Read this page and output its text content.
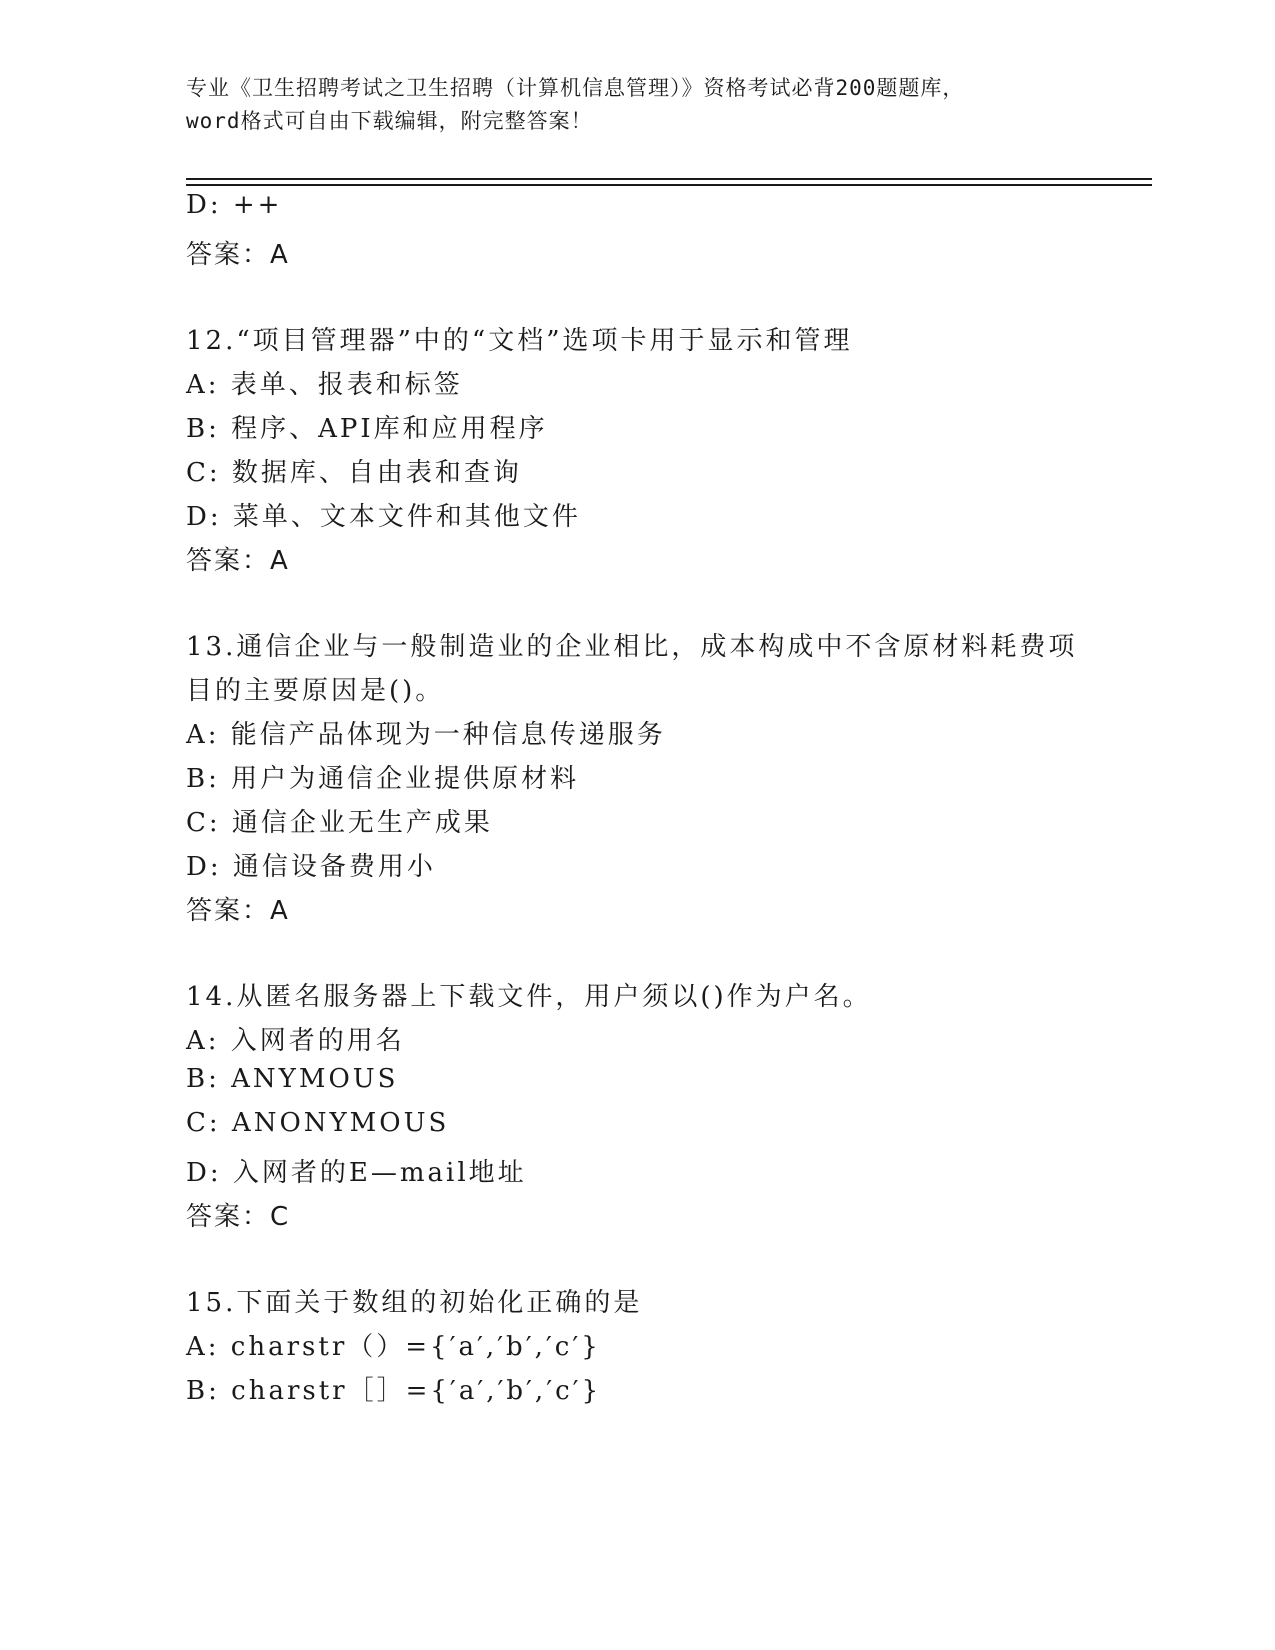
专业《卫生招聘考试之卫生招聘（计算机信息管理）》资格考试必背200题题库，
word格式可自由下载编辑，附完整答案！
D: ++
答案：A
12.“项目管理器”中的“文档”选项卡用于显示和管理
A: 表单、报表和标签
B: 程序、API库和应用程序
C: 数据库、自由表和查询
D: 菜单、文本文件和其他文件
答案：A
13.通信企业与一般制造业的企业相比，成本构成中不含原材料耗费项
目的主要原因是()。
A: 能信产品体现为一种信息传递服务
B: 用户为通信企业提供原材料
C: 通信企业无生产成果
D: 通信设备费用小
答案：A
14.从匿名服务器上下载文件，用户须以()作为户名。
A: 入网者的用名
B: ANYMOUS
C: ANONYMOUS
D: 入网者的E—mail地址
答案：C
15.下面关于数组的初始化正确的是
A: charstr（）={′a′,′b′,′c′}
B: charstr［］={′a′,′b′,′c′}
